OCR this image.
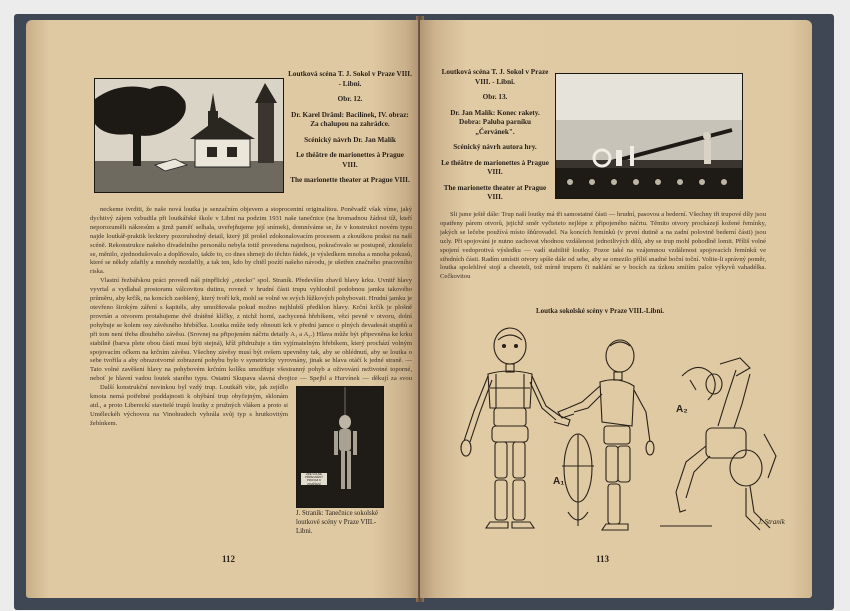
Loutková scéna T. J. Sokol v Praze VIII. - Libni.

Obr. 12.

Dr. Karel Dräml: Bacilínek, IV. obraz: Za chalupou na zahrádce.

Scénický návrh Dr. Jan Malík

Le théâtre de marionettes à Prague VIII.

The marionette theater at Prague VIII.

neckeme tvrditi, že naše nová loutka je senzačním objevem a stoprocentní originalitou. Poněvadž však víme, jaký dychtivý zájem vzbudila při loutkářské škole v Libni na podzim 1931 naše tanečnice (na hromadnou žádost tíž, kteří neporozuměli nákresům a jimž paměť selhala, uveřejňujeme její snímek), domníváme se, že v konstrukci novém typu najde loutkář-praktik lecktery pozoruhodný detail, který již prošel zdokonalovacím procesem a zkouškou praksi na naší scéně. Rekonstrukce našeho divadelního personálu nebyla totiž provedena najednou, pokračovalo se postupně, zkoušelo se, měnilo, zjednodušovalo a doplňovalo, takže to, co dnes shrneji do těchto řádek, je výsledkem mnoha a mnoha pokusů, které se někdy zdařily a mnohdy nezdařily, a tak ten, kdo by chtěl pozítí našeho návodu, je ušetřen značného pracovního riskа.

Vlastní řezbářskou práci provedl náš pinpřlický „otecko" spol. Straník. Především zbavil hlavy krku. Uvnitř hlavy vyvrtal a vydlabal prostoranu válcovitou dutinu, rovnež v hrudní části trupu vyhloubil podobnou jamku takového průměru, aby krčík, na koncích zaoblený, který tvoří krk, mohl se volně ve svých lůžkových pohybovati. Hrudní jamku je otevřeno širokým záření s kapitéls, aby umožňovala pokud možno nejhlubší předklon hlavy. Krční krčík je plošně provrtán a otvorem protahujeme dvě drátěné klíčky, z nichž horní, zachycená hřebíkem, vězí pevně v otvoru, dolní pohybuje se kolem osy závěsného hřebíčku. Loutka může tedy ohnouti krk v přední jamce o plných devadesát stupňů a při tom není třeba dlouhého závěsu. (Srovnej na připojeném náčrtu detaily A₁ a A₂.) Hlava může být připevněna ke krku stabilně (barva plete obou částí musí býti stejná), kříž přidružuje s tím vyjímatelným hřebíkem, který prochází volným spojovacím očkem na krčním závěsu. Všechny závěsy musí být ovšem upevněny tak, aby se ohlédnutí, aby se loutka o sebe tvořila a aby obrazotvorné zobrazení pohybu bylo v symetricky vyrovnány, jinak se hlava otáčí k jedné straně. — Tato volné zavěšení hlavy na pohybovém krčním kolíku umožňuje všestranný pohyb a oživování neživotné toporné, neboť je hlavní vadou loutek starého typu. Ostatní Skupava slavná dvojice — Spejbl a Hurvínek — děkují za svou

Další konstrukční novinkou byl vzdý trup. Loutkáři víte, jak zejídlo kmota nemá potřebné poddajnosti k ohýbání trup obyčejným, sklonám atd., a proto Libereckí stavitelé trupů loutky z pružných vláken a proto si Uměleckéh výchovou na Vinohradech vyhrála svůj typ s hrutkovitým žebínkem.

ZDE VOLNĚ PŘIPEVNĚNÝ PROVAZ K ZAVĚŠENÍ
J. Straník: Tanečnice sokolské loutkové scény v Praze VIII.-Libni.
112

Loutková scéna T. J. Sokol v Praze VIII. - Libni.

Obr. 13.

Dr. Jan Malík: Konec rakety. Dobra: Paluba parníku „Červánek".

Scénický návrh autora hry.

Le théâtre de marionettes à Prague VIII.

The marionette theater at Prague VIII.

Sli jsme ještě dále: Trup naší loutky má tři samostatné části — hrudní, pasovou a bederní. Všechny tři trupové díly jsou opatřeny párem otvorů, jejichž směr vyčteteto nejlépe z připojeného náčrtu. Těmito otvory procházejí kožené řemínky, jakých se lečebe používá místo šňůrovadel. Na koncích řemínků (v první dutině a na zadní polovině bederní části) jsou uzly. Při spojování je nutno zachovat vhodnou vzdálenost jednotlivých dílů, aby se trup mohl pohodlně lomit. Příliš volné spojení vedoprotivá výsledku — vadí stabilitě loutky. Pozor také na vzájemnou vzdálenost spojovacích řemínků ve středních části. Radím umístit otvory spíše dále od sebe, aby se omezilo příliš snadné boční toční. Volite-li správný poměr, loutka spolehlivé stojí a cheeteli, tož mírně trupem či naklání se v bocích za úzkou smítím palce výkyvů vahadélka. Cečkovitou

Loutka sokolské scény v Praze VIII.-Libni.
A₁
A₂
J. Straník
113
